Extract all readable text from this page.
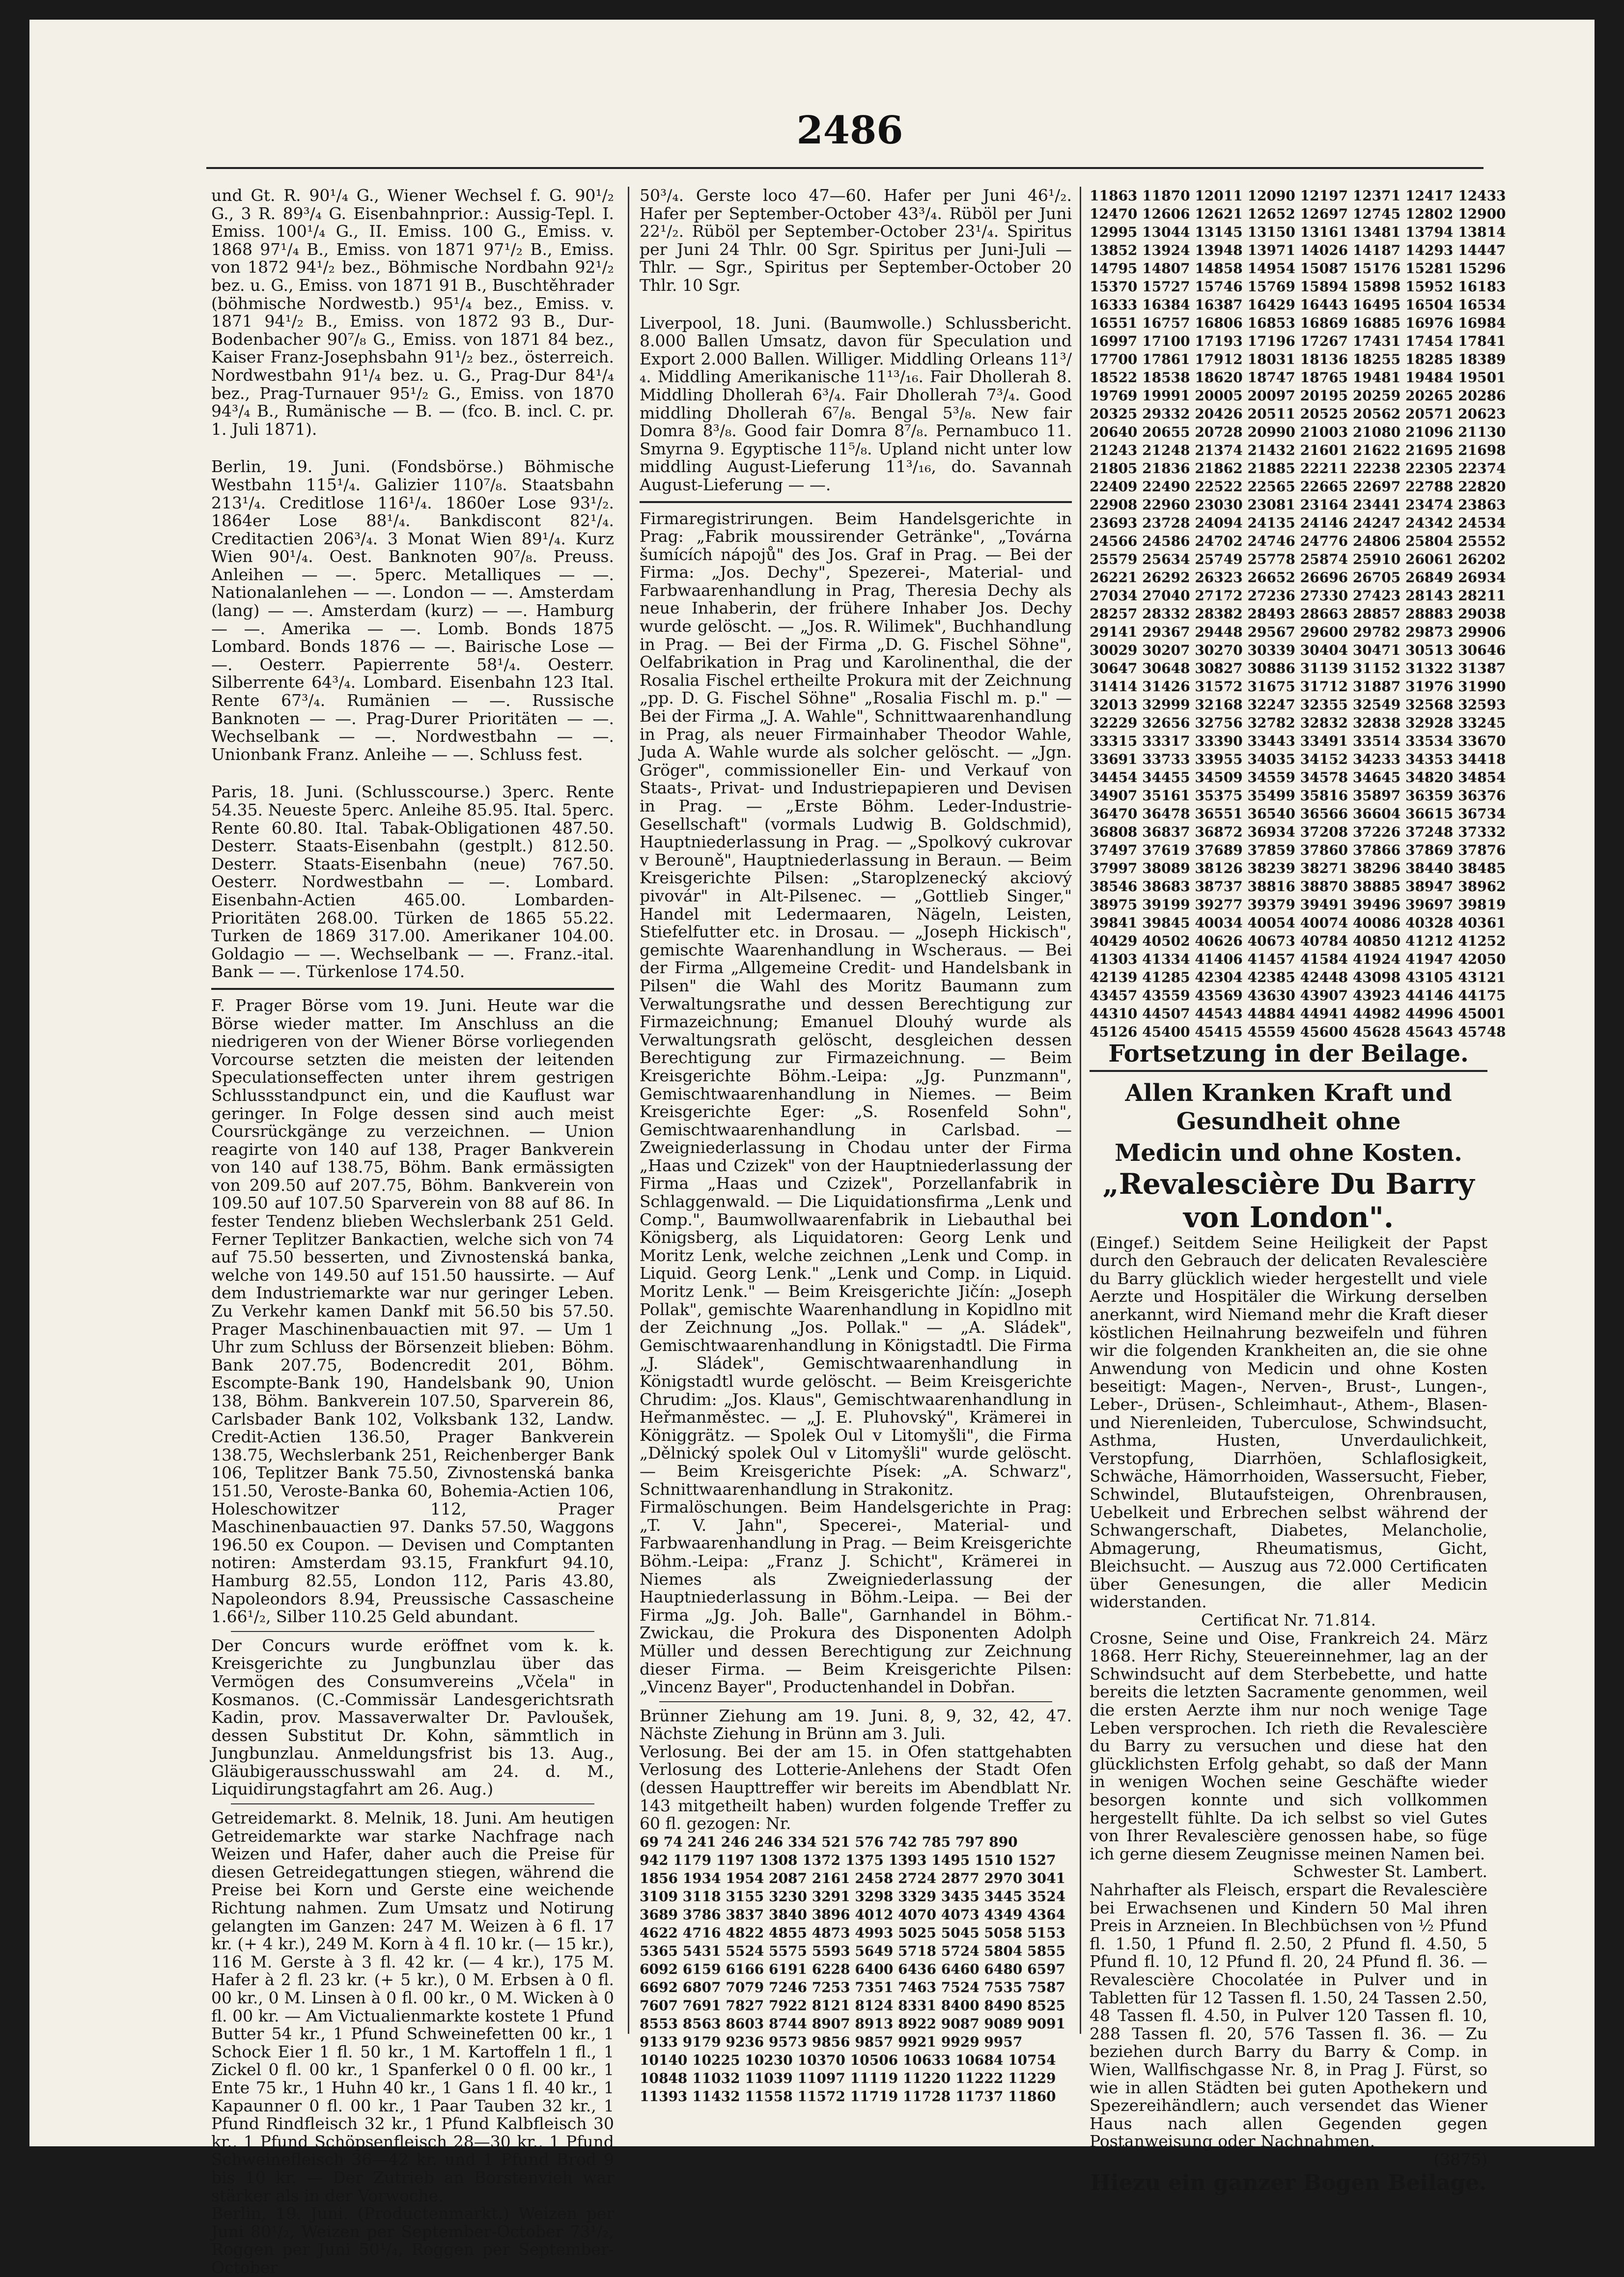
2486

und Gt. R. 90¹/₄ G., Wiener Wechsel f. G. 90¹/₂ G., 3 R. 89³/₄ G. Eisenbahnprior.: Aussig-Tepl. I. Emiss. 100¹/₄ G., II. Emiss. 100 G., Emiss. v. 1868 97¹/₄ B., Emiss. von 1871 97¹/₂ B., Emiss. von 1872 94¹/₂ bez., Böhmische Nordbahn 92¹/₂ bez. u. G., Emiss. von 1871 91 B., Buschtěhrader (böhmische Nordwestb.) 95¹/₄ bez., Emiss. v. 1871 94¹/₂ B., Emiss. von 1872 93 B., Dur-Bodenbacher 90⁷/₈ G., Emiss. von 1871 84 bez., Kaiser Franz-Josephsbahn 91¹/₂ bez., österreich. Nordwestbahn 91¹/₄ bez. u. G., Prag-Dur 84¹/₄ bez., Prag-Turnauer 95¹/₂ G., Emiss. von 1870 94³/₄ B., Rumänische — B. — (fco. B. incl. C. pr. 1. Juli 1871).

Berlin, 19. Juni. (Fondsbörse.) Böhmische Westbahn 115¹/₄. Galizier 110⁷/₈. Staatsbahn 213¹/₄. Creditlose 116¹/₄. 1860er Lose 93¹/₂. 1864er Lose 88¹/₄. Bankdiscont 82¹/₄. Creditactien 206³/₄. 3 Monat Wien 89¹/₄. Kurz Wien 90¹/₄. Oest. Banknoten 90⁷/₈. Preuss. Anleihen — —. 5perc. Metalliques — —. Nationalanlehen — —. London — —. Amsterdam (lang) — —. Amsterdam (kurz) — —. Hamburg — —. Amerika — —. Lomb. Bonds 1875 Lombard. Bonds 1876 — —. Bairische Lose — —. Oesterr. Papierrente 58¹/₄. Oesterr. Silberrente 64³/₄. Lombard. Eisenbahn 123 Ital. Rente 67³/₄. Rumänien — —. Russische Banknoten — —. Prag-Durer Prioritäten — —. Wechselbank — —. Nordwestbahn — —. Unionbank Franz. Anleihe — —. Schluss fest.

Paris, 18. Juni. (Schlusscourse.) 3perc. Rente 54.35. Neueste 5perc. Anleihe 85.95. Ital. 5perc. Rente 60.80. Ital. Tabak-Obligationen 487.50. Desterr. Staats-Eisenbahn (gestplt.) 812.50. Desterr. Staats-Eisenbahn (neue) 767.50. Oesterr. Nordwestbahn — —. Lombard. Eisenbahn-Actien 465.00. Lombarden-Prioritäten 268.00. Türken de 1865 55.22. Turken de 1869 317.00. Amerikaner 104.00. Goldagio — —. Wechselbank — —. Franz.-ital. Bank — —. Türkenlose 174.50.

F. Prager Börse vom 19. Juni. Heute war die Börse wieder matter. Im Anschluss an die niedrigeren von der Wiener Börse vorliegenden Vorcourse setzten die meisten der leitenden Speculationseffecten unter ihrem gestrigen Schlussstandpunct ein, und die Kauflust war geringer. In Folge dessen sind auch meist Coursrückgänge zu verzeichnen. — Union reagirte von 140 auf 138, Prager Bankverein von 140 auf 138.75, Böhm. Bank ermässigten von 209.50 auf 207.75, Böhm. Bankverein von 109.50 auf 107.50 Sparverein von 88 auf 86. In fester Tendenz blieben Wechslerbank 251 Geld. Ferner Teplitzer Bankactien, welche sich von 74 auf 75.50 besserten, und Zivnostenská banka, welche von 149.50 auf 151.50 haussirte. — Auf dem Industriemarkte war nur geringer Leben. Zu Verkehr kamen Dankf mit 56.50 bis 57.50. Prager Maschinenbauactien mit 97. — Um 1 Uhr zum Schluss der Börsenzeit blieben: Böhm. Bank 207.75, Bodencredit 201, Böhm. Escompte-Bank 190, Handelsbank 90, Union 138, Böhm. Bankverein 107.50, Sparverein 86, Carlsbader Bank 102, Volksbank 132, Landw. Credit-Actien 136.50, Prager Bankverein 138.75, Wechslerbank 251, Reichenberger Bank 106, Teplitzer Bank 75.50, Zivnostenská banka 151.50, Veroste-Banka 60, Bohemia-Actien 106, Holeschowitzer 112, Prager Maschinenbauactien 97. Danks 57.50, Waggons 196.50 ex Coupon. — Devisen und Comptanten notiren: Amsterdam 93.15, Frankfurt 94.10, Hamburg 82.55, London 112, Paris 43.80, Napoleondors 8.94, Preussische Cassascheine 1.66¹/₂, Silber 110.25 Geld abundant.

Der Concurs wurde eröffnet vom k. k. Kreisgerichte zu Jungbunzlau über das Vermögen des Consumvereins „Včela" in Kosmanos. (C.-Commissär Landesgerichtsrath Kadin, prov. Massaverwalter Dr. Pavloušek, dessen Substitut Dr. Kohn, sämmtlich in Jungbunzlau. Anmeldungsfrist bis 13. Aug., Gläubigerausschusswahl am 24. d. M., Liquidirungstagfahrt am 26. Aug.)

Getreidemarkt. 8. Melnik, 18. Juni. Am heutigen Getreidemarkte war starke Nachfrage nach Weizen und Hafer, daher auch die Preise für diesen Getreidegattungen stiegen, während die Preise bei Korn und Gerste eine weichende Richtung nahmen. Zum Umsatz und Notirung gelangten im Ganzen: 247 M. Weizen à 6 fl. 17 kr. (+ 4 kr.), 249 M. Korn à 4 fl. 10 kr. (— 15 kr.), 116 M. Gerste à 3 fl. 42 kr. (— 4 kr.), 175 M. Hafer à 2 fl. 23 kr. (+ 5 kr.), 0 M. Erbsen à 0 fl. 00 kr., 0 M. Linsen à 0 fl. 00 kr., 0 M. Wicken à 0 fl. 00 kr. — Am Victualienmarkte kostete 1 Pfund Butter 54 kr., 1 Pfund Schweinefetten 00 kr., 1 Schock Eier 1 fl. 50 kr., 1 M. Kartoffeln 1 fl., 1 Zickel 0 fl. 00 kr., 1 Spanferkel 0 0 fl. 00 kr., 1 Ente 75 kr., 1 Huhn 40 kr., 1 Gans 1 fl. 40 kr., 1 Kapaunner 0 fl. 00 kr., 1 Paar Tauben 32 kr., 1 Pfund Rindfleisch 32 kr., 1 Pfund Kalbfleisch 30 kr., 1 Pfund Schöpsenfleisch 28—30 kr., 1 Pfund Schweinefleisch 36—42 kr. und 1 Pfund Brod 9 bis 10 kr. — Der Zutrieb an Borstenvieh war stärker als in der Vorwoche.

Berlin, 19. Juni. (Productenmarkt.) Weizen per Juni 80¹/₂, Weizen per September-October 73¹/₂, Roggen per Juni 50¹/₄, Roggen per September-October

50³/₄. Gerste loco 47—60. Hafer per Juni 46¹/₂. Hafer per September-October 43³/₄. Rüböl per Juni 22¹/₂. Rüböl per September-October 23¹/₄. Spiritus per Juni 24 Thlr. 00 Sgr. Spiritus per Juni-Juli — Thlr. — Sgr., Spiritus per September-October 20 Thlr. 10 Sgr.

Liverpool, 18. Juni. (Baumwolle.) Schlussbericht. 8.000 Ballen Umsatz, davon für Speculation und Export 2.000 Ballen. Williger. Middling Orleans 11³/₄. Middling Amerikanische 11¹³/₁₆. Fair Dhollerah 8. Middling Dhollerah 6³/₄. Fair Dhollerah 7³/₄. Good middling Dhollerah 6⁷/₈. Bengal 5³/₈. New fair Domra 8³/₈. Good fair Domra 8⁷/₈. Pernambuco 11. Smyrna 9. Egyptische 11⁵/₈. Upland nicht unter low middling August-Lieferung 11³/₁₆, do. Savannah August-Lieferung — —.

Firmaregistrirungen. Beim Handelsgerichte in Prag: „Fabrik moussirender Getränke", „Továrna šumících nápojů" des Jos. Graf in Prag. — Bei der Firma: „Jos. Dechy", Spezerei-, Material- und Farbwaarenhandlung in Prag, Theresia Dechy als neue Inhaberin, der frühere Inhaber Jos. Dechy wurde gelöscht. — „Jos. R. Wilimek", Buchhandlung in Prag. — Bei der Firma „D. G. Fischel Söhne", Oelfabrikation in Prag und Karolinenthal, die der Rosalia Fischel ertheilte Prokura mit der Zeichnung „pp. D. G. Fischel Söhne" „Rosalia Fischl m. p." — Bei der Firma „J. A. Wahle", Schnittwaarenhandlung in Prag, als neuer Firmainhaber Theodor Wahle, Juda A. Wahle wurde als solcher gelöscht. — „Jgn. Gröger", commissioneller Ein- und Verkauf von Staats-, Privat- und Industriepapieren und Devisen in Prag. — „Erste Böhm. Leder-Industrie-Gesellschaft" (vormals Ludwig B. Goldschmid), Hauptniederlassung in Prag. — „Spolkový cukrovar v Berouně", Hauptniederlassung in Beraun. — Beim Kreisgerichte Pilsen: „Staroplzenecký akciový pivovár" in Alt-Pilsenec. — „Gottlieb Singer," Handel mit Ledermaaren, Nägeln, Leisten, Stiefelfutter etc. in Drosau. — „Joseph Hickisch", gemischte Waarenhandlung in Wscheraus. — Bei der Firma „Allgemeine Credit- und Handelsbank in Pilsen" die Wahl des Moritz Baumann zum Verwaltungsrathe und dessen Berechtigung zur Firmazeichnung; Emanuel Dlouhý wurde als Verwaltungsrath gelöscht, desgleichen dessen Berechtigung zur Firmazeichnung. — Beim Kreisgerichte Böhm.-Leipa: „Jg. Punzmann", Gemischtwaarenhandlung in Niemes. — Beim Kreisgerichte Eger: „S. Rosenfeld Sohn", Gemischtwaarenhandlung in Carlsbad. — Zweigniederlassung in Chodau unter der Firma „Haas und Czizek" von der Hauptniederlassung der Firma „Haas und Czizek", Porzellanfabrik in Schlaggenwald. — Die Liquidationsfirma „Lenk und Comp.", Baumwollwaarenfabrik in Liebauthal bei Königsberg, als Liquidatoren: Georg Lenk und Moritz Lenk, welche zeichnen „Lenk und Comp. in Liquid. Georg Lenk." „Lenk und Comp. in Liquid. Moritz Lenk." — Beim Kreisgerichte Jičín: „Joseph Pollak", gemischte Waarenhandlung in Kopidlno mit der Zeichnung „Jos. Pollak." — „A. Sládek", Gemischtwaarenhandlung in Königstadtl. Die Firma „J. Sládek", Gemischtwaarenhandlung in Königstadtl wurde gelöscht. — Beim Kreisgerichte Chrudim: „Jos. Klaus", Gemischtwaarenhandlung in Heřmanměstec. — „J. E. Pluhovský", Krämerei in Königgrätz. — Spolek Oul v Litomyšli", die Firma „Dělnický spolek Oul v Litomyšli" wurde gelöscht. — Beim Kreisgerichte Písek: „A. Schwarz", Schnittwaarenhandlung in Strakonitz.

Firmalöschungen. Beim Handelsgerichte in Prag: „T. V. Jahn", Specerei-, Material- und Farbwaarenhandlung in Prag. — Beim Kreisgerichte Böhm.-Leipa: „Franz J. Schicht", Krämerei in Niemes als Zweigniederlassung der Hauptniederlassung in Böhm.-Leipa. — Bei der Firma „Jg. Joh. Balle", Garnhandel in Böhm.-Zwickau, die Prokura des Disponenten Adolph Müller und dessen Berechtigung zur Zeichnung dieser Firma. — Beim Kreisgerichte Pilsen: „Vincenz Bayer", Productenhandel in Dobřan.

Brünner Ziehung am 19. Juni. 8, 9, 32, 42, 47. Nächste Ziehung in Brünn am 3. Juli.

Verlosung. Bei der am 15. in Ofen stattgehabten Verlosung des Lotterie-Anlehens der Stadt Ofen (dessen Haupttreffer wir bereits im Abendblatt Nr. 143 mitgetheilt haben) wurden folgende Treffer zu 60 fl. gezogen: Nr.

69 74 241 246 246 334 521 576 742 785 797 890
942 1179 1197 1308 1372 1375 1393 1495 1510 1527
1856 1934 1954 2087 2161 2458 2724 2877 2970 3041
3109 3118 3155 3230 3291 3298 3329 3435 3445 3524
3689 3786 3837 3840 3896 4012 4070 4073 4349 4364
4622 4716 4822 4855 4873 4993 5025 5045 5058 5153
5365 5431 5524 5575 5593 5649 5718 5724 5804 5855
6092 6159 6166 6191 6228 6400 6436 6460 6480 6597
6692 6807 7079 7246 7253 7351 7463 7524 7535 7587
7607 7691 7827 7922 8121 8124 8331 8400 8490 8525
8553 8563 8603 8744 8907 8913 8922 9087 9089 9091
9133 9179 9236 9573 9856 9857 9921 9929 9957
10140 10225 10230 10370 10506 10633 10684 10754
10848 11032 11039 11097 11119 11220 11222 11229
11393 11432 11558 11572 11719 11728 11737 11860
11863 11870 12011 12090 12197 12371 12417 12433
12470 12606 12621 12652 12697 12745 12802 12900
12995 13044 13145 13150 13161 13481 13794 13814
13852 13924 13948 13971 14026 14187 14293 14447
14795 14807 14858 14954 15087 15176 15281 15296
15370 15727 15746 15769 15894 15898 15952 16183
16333 16384 16387 16429 16443 16495 16504 16534
16551 16757 16806 16853 16869 16885 16976 16984
16997 17100 17193 17196 17267 17431 17454 17841
17700 17861 17912 18031 18136 18255 18285 18389
18522 18538 18620 18747 18765 19481 19484 19501
19769 19991 20005 20097 20195 20259 20265 20286
20325 29332 20426 20511 20525 20562 20571 20623
20640 20655 20728 20990 21003 21080 21096 21130
21243 21248 21374 21432 21601 21622 21695 21698
21805 21836 21862 21885 22211 22238 22305 22374
22409 22490 22522 22565 22665 22697 22788 22820
22908 22960 23030 23081 23164 23441 23474 23863
23693 23728 24094 24135 24146 24247 24342 24534
24566 24586 24702 24746 24776 24806 25804 25552
25579 25634 25749 25778 25874 25910 26061 26202
26221 26292 26323 26652 26696 26705 26849 26934
27034 27040 27172 27236 27330 27423 28143 28211
28257 28332 28382 28493 28663 28857 28883 29038
29141 29367 29448 29567 29600 29782 29873 29906
30029 30207 30270 30339 30404 30471 30513 30646
30647 30648 30827 30886 31139 31152 31322 31387
31414 31426 31572 31675 31712 31887 31976 31990
32013 32999 32168 32247 32355 32549 32568 32593
32229 32656 32756 32782 32832 32838 32928 33245
33315 33317 33390 33443 33491 33514 33534 33670
33691 33733 33955 34035 34152 34233 34353 34418
34454 34455 34509 34559 34578 34645 34820 34854
34907 35161 35375 35499 35816 35897 36359 36376
36470 36478 36551 36540 36566 36604 36615 36734
36808 36837 36872 36934 37208 37226 37248 37332
37497 37619 37689 37859 37860 37866 37869 37876
37997 38089 38126 38239 38271 38296 38440 38485
38546 38683 38737 38816 38870 38885 38947 38962
38975 39199 39277 39379 39491 39496 39697 39819
39841 39845 40034 40054 40074 40086 40328 40361
40429 40502 40626 40673 40784 40850 41212 41252
41303 41334 41406 41457 41584 41924 41947 42050
42139 41285 42304 42385 42448 43098 43105 43121
43457 43559 43569 43630 43907 43923 44146 44175
44310 44507 44543 44884 44941 44982 44996 45001
45126 45400 45415 45559 45600 45628 45643 45748
Fortsetzung in der Beilage.
Allen Kranken Kraft und Gesundheit ohne
Medicin und ohne Kosten.
„Revalescière Du Barry
von London".

(Eingef.) Seitdem Seine Heiligkeit der Papst durch den Gebrauch der delicaten Revalescière du Barry glücklich wieder hergestellt und viele Aerzte und Hospitäler die Wirkung derselben anerkannt, wird Niemand mehr die Kraft dieser köstlichen Heilnahrung bezweifeln und führen wir die folgenden Krankheiten an, die sie ohne Anwendung von Medicin und ohne Kosten beseitigt: Magen-, Nerven-, Brust-, Lungen-, Leber-, Drüsen-, Schleimhaut-, Athem-, Blasen- und Nierenleiden, Tuberculose, Schwindsucht, Asthma, Husten, Unverdaulichkeit, Verstopfung, Diarrhöen, Schlaflosigkeit, Schwäche, Hämorrhoiden, Wassersucht, Fieber, Schwindel, Blutaufsteigen, Ohrenbrausen, Uebelkeit und Erbrechen selbst während der Schwangerschaft, Diabetes, Melancholie, Abmagerung, Rheumatismus, Gicht, Bleichsucht. — Auszug aus 72.000 Certificaten über Genesungen, die aller Medicin widerstanden.

Certificat Nr. 71.814.

Crosne, Seine und Oise, Frankreich 24. März 1868. Herr Richy, Steuereinnehmer, lag an der Schwindsucht auf dem Sterbebette, und hatte bereits die letzten Sacramente genommen, weil die ersten Aerzte ihm nur noch wenige Tage Leben versprochen. Ich rieth die Revalescière du Barry zu versuchen und diese hat den glücklichsten Erfolg gehabt, so daß der Mann in wenigen Wochen seine Geschäfte wieder besorgen konnte und sich vollkommen hergestellt fühlte. Da ich selbst so viel Gutes von Ihrer Revalescière genossen habe, so füge ich gerne diesem Zeugnisse meinen Namen bei.

Schwester St. Lambert.

Nahrhafter als Fleisch, erspart die Revalescière bei Erwachsenen und Kindern 50 Mal ihren Preis in Arzneien. In Blechbüchsen von ½ Pfund fl. 1.50, 1 Pfund fl. 2.50, 2 Pfund fl. 4.50, 5 Pfund fl. 10, 12 Pfund fl. 20, 24 Pfund fl. 36. — Revalescière Chocolatée in Pulver und in Tabletten für 12 Tassen fl. 1.50, 24 Tassen 2.50, 48 Tassen fl. 4.50, in Pulver 120 Tassen fl. 10, 288 Tassen fl. 20, 576 Tassen fl. 36. — Zu beziehen durch Barry du Barry & Comp. in Wien, Wallfischgasse Nr. 8, in Prag J. Fürst, so wie in allen Städten bei guten Apothekern und Spezereihändlern; auch versendet das Wiener Haus nach allen Gegenden gegen Postanweisung oder Nachnahmen.

(3875)

Hiezu ein ganzer Bogen Beilage.
